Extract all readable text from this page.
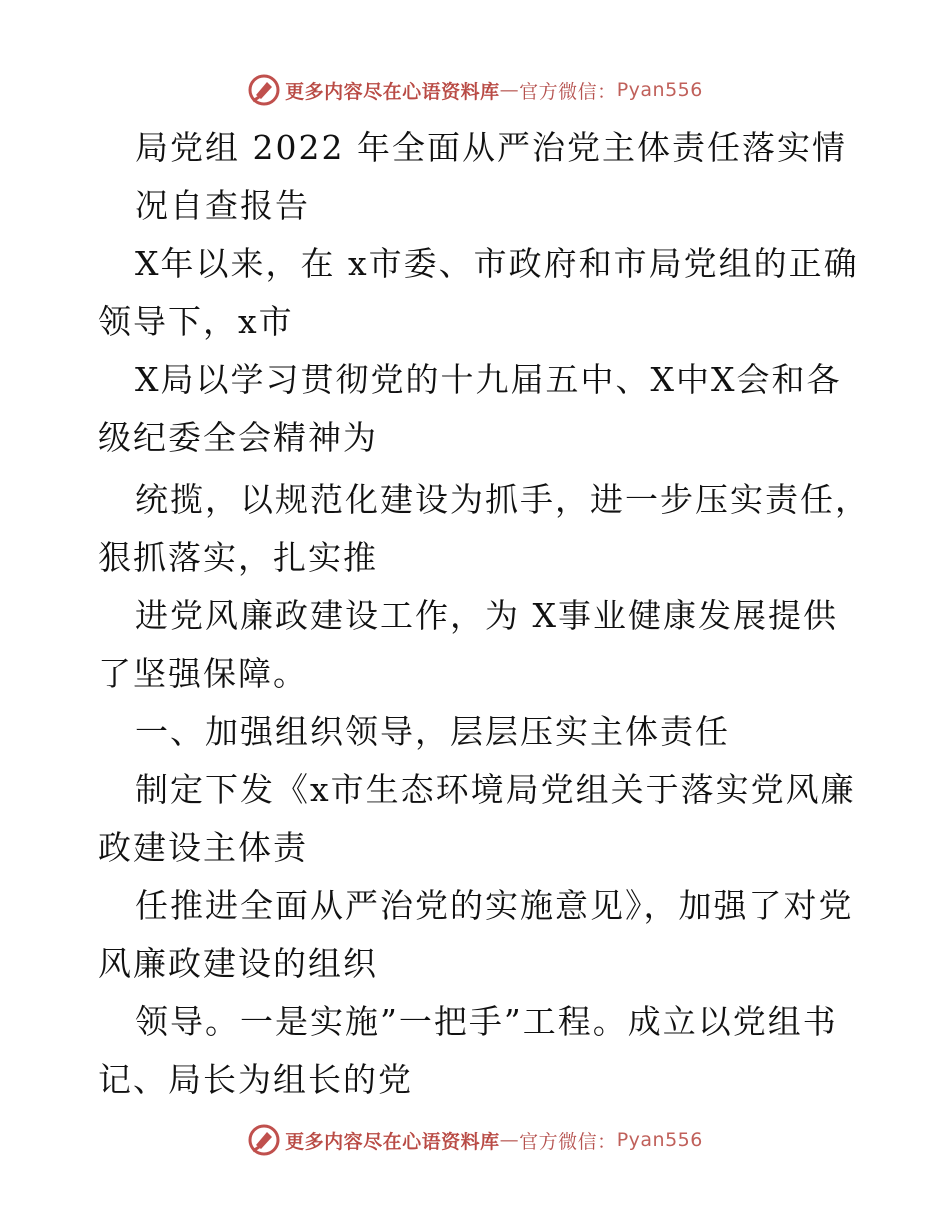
更多内容尽在心语资料库 — 官方微信： Pyan556
局党组 2022 年全面从严治党主体责任落实情
况自查报告
X年以来，在 x市委、市政府和市局党组的正确
领导下，x市
X局以学习贯彻党的十九届五中、X中X会和各
级纪委全会精神为
统揽，以规范化建设为抓手，进一步压实责任，
狠抓落实，扎实推
进党风廉政建设工作，为 X事业健康发展提供
了坚强保障。
一、加强组织领导，层层压实主体责任
制定下发《x市生态环境局党组关于落实党风廉
政建设主体责
任推进全面从严治党的实施意见》，加强了对党
风廉政建设的组织
领导。一是实施”一把手”工程。成立以党组书
记、局长为组长的党
更多内容尽在心语资料库 — 官方微信： Pyan556
